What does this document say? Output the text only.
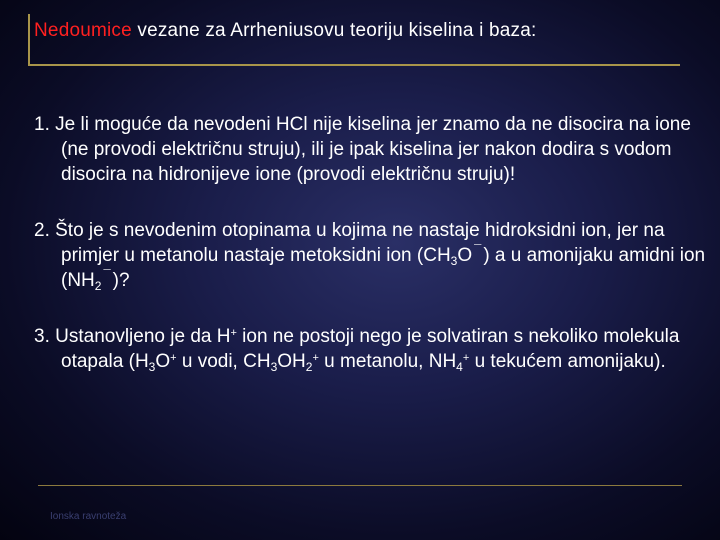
Nedoumice vezane za Arrheniusovu teoriju kiselina i baza:
1. Je li moguće da nevodeni HCl nije kiselina jer znamo da ne disocira na ione (ne provodi električnu struju), ili je ipak kiselina jer nakon dodira s vodom disocira na hidronijeve ione (provodi električnu struju)!
2. Što je s nevodenim otopinama u kojima ne nastaje hidroksidni ion, jer na primjer u metanolu nastaje metoksidni ion ($CH_3O$ ¯ ) a u amonijaku amidni ion ($NH_2^¯$ )?
3. Ustanovljeno je da H+ ion ne postoji nego je solvatiran s nekoliko molekula otapala ($H_3O^+$ u vodi, $CH_3OH_2^+$ u metanolu, $NH_4^+$ u tekućem amonijaku).
Ionska ravnoteža
